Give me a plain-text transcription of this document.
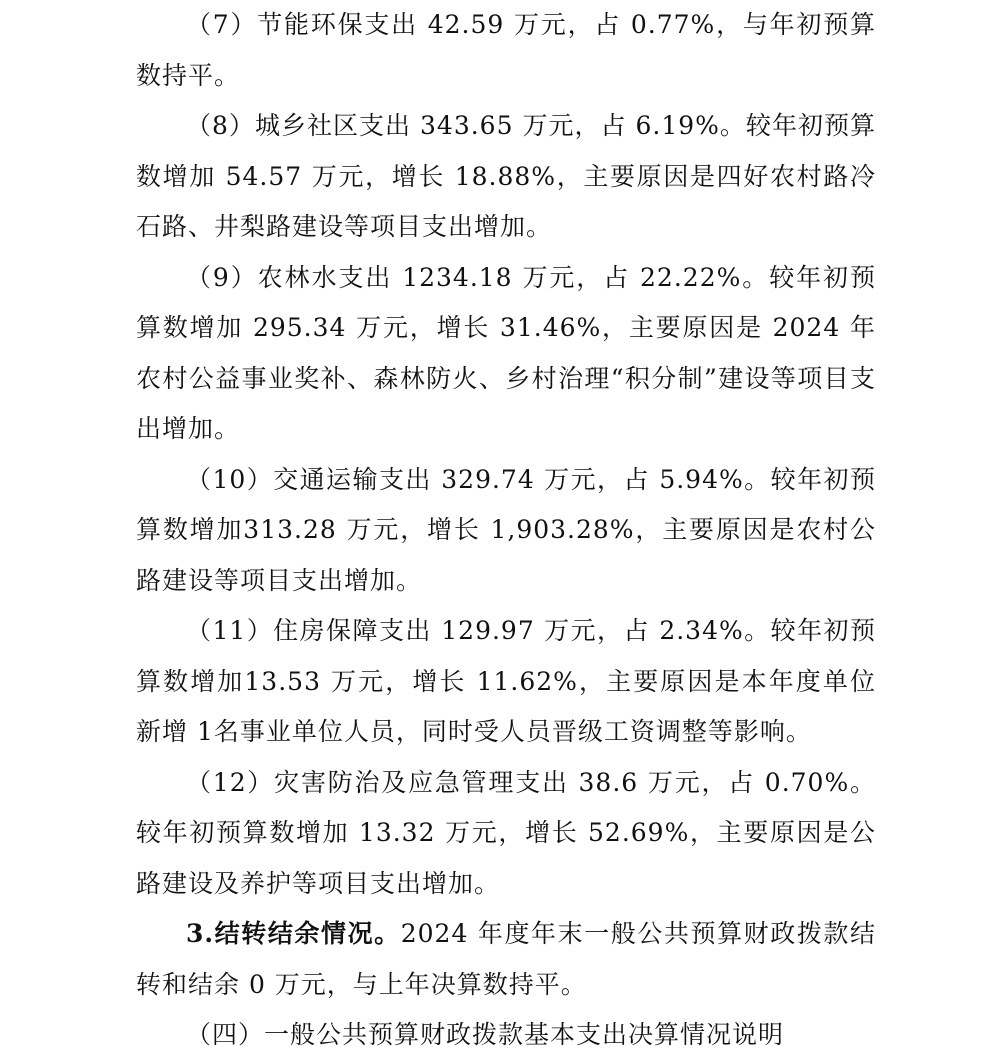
（7）节能环保支出 42.59 万元，占 0.77%，与年初预算数持平。

（8）城乡社区支出 343.65 万元，占 6.19%。较年初预算数增加 54.57 万元，增长 18.88%，主要原因是四好农村路冷石路、井梨路建设等项目支出增加。

（9）农林水支出 1234.18 万元，占 22.22%。较年初预算数增加 295.34 万元，增长 31.46%，主要原因是 2024 年农村公益事业奖补、森林防火、乡村治理“积分制”建设等项目支出增加。

（10）交通运输支出 329.74 万元，占 5.94%。较年初预算数增加313.28 万元，增长 1,903.28%，主要原因是农村公路建设等项目支出增加。

（11）住房保障支出 129.97 万元，占 2.34%。较年初预算数增加13.53 万元，增长 11.62%，主要原因是本年度单位新增 1名事业单位人员，同时受人员晋级工资调整等影响。

（12）灾害防治及应急管理支出 38.6 万元，占 0.70%。较年初预算数增加 13.32 万元，增长 52.69%，主要原因是公路建设及养护等项目支出增加。

3.结转结余情况。2024 年度年末一般公共预算财政拨款结转和结余 0 万元，与上年决算数持平。

（四）一般公共预算财政拨款基本支出决算情况说明
